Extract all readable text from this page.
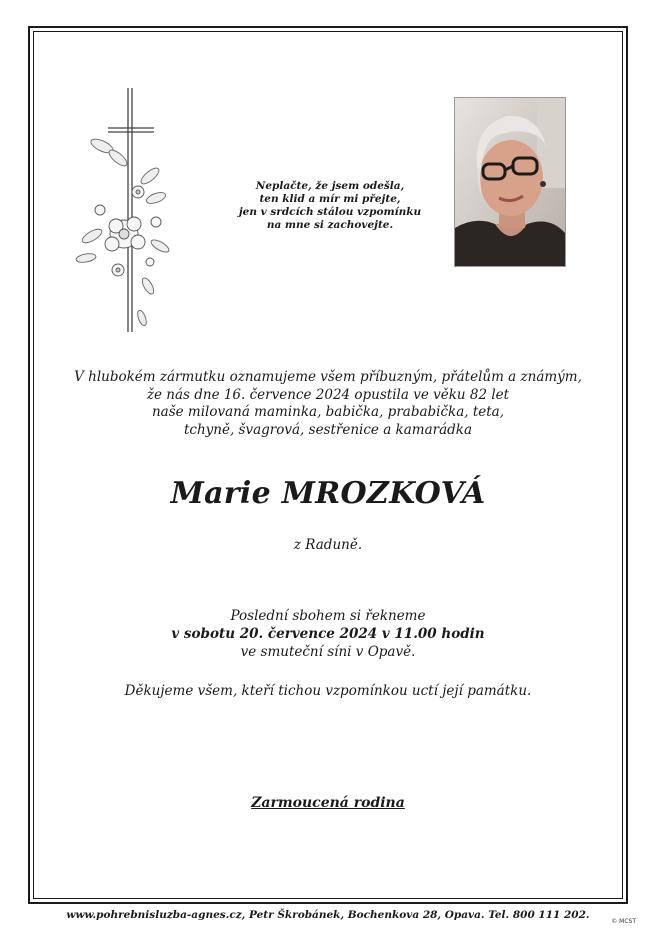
Neplačte, že jsem odešla,
ten klid a mír mi přejte,
jen v srdcích stálou vzpomínku
na mne si zachovejte.
V hlubokém zármutku oznamujeme všem příbuzným, přátelům a známým,
že nás dne 16. července 2024 opustila ve věku 82 let
naše milovaná maminka, babička, prababička, teta,
tchyně, švagrová, sestřenice a kamarádka
Marie MROZKOVÁ
z Raduně.
Poslední sbohem si řekneme
v sobotu 20. července 2024 v 11.00 hodin
ve smuteční síni v Opavě.
Děkujeme všem, kteří tichou vzpomínkou uctí její památku.
Zarmoucená rodina
www.pohrebnisluzba-agnes.cz, Petr Škrobánek, Bochenkova 28, Opava. Tel. 800 111 202.
© MCST
